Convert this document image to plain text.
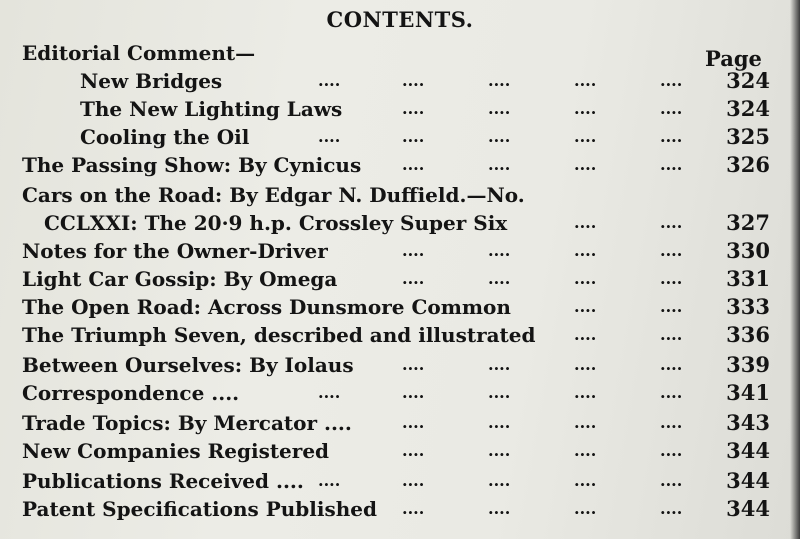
CONTENTS.
Page
Editorial Comment—
New Bridges	....	....	....	....	.... 324
The New Lighting Laws	....	....	....	.... 324
Cooling the Oil	....	....	....	....	.... 325
The Passing Show: By Cynicus	....	....	....	.... 326
Cars on the Road: By Edgar N. Duffield.—No.
CCLXXI: The 20·9 h.p. Crossley Super Six	....	.... 327
Notes for the Owner-Driver	....	....	....	.... 330
Light Car Gossip: By Omega	....	....	....	.... 331
The Open Road: Across Dunsmore Common	....	.... 333
The Triumph Seven, described and illustrated ....	.... 336
Between Ourselves: By Iolaus	....	....	....	.... 339
Correspondence ....	....	....	....	....	.... 341
Trade Topics: By Mercator ....	....	....	....	.... 343
New Companies Registered	....	....	....	.... 344
Publications Received .... ....	....	....	....	.... 344
Patent Specifications Published ....	....	....	.... 344
